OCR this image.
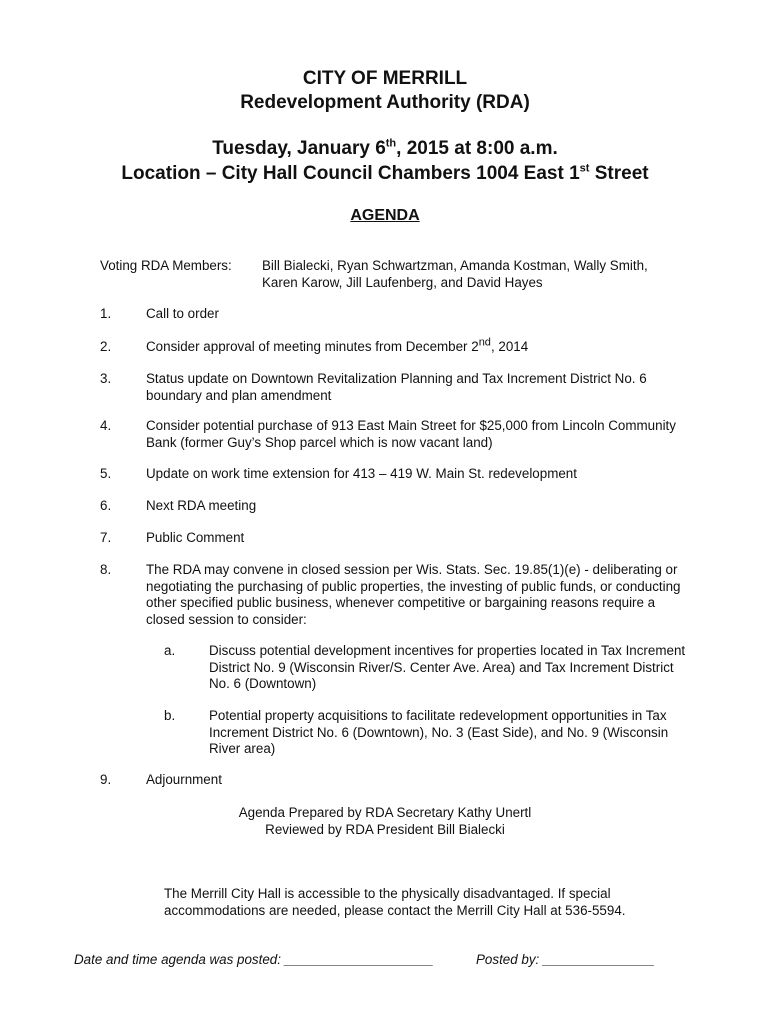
CITY OF MERRILL
Redevelopment Authority (RDA)
Tuesday, January 6th, 2015 at 8:00 a.m.
Location – City Hall Council Chambers 1004 East 1st Street
AGENDA
Voting RDA Members: Bill Bialecki, Ryan Schwartzman, Amanda Kostman, Wally Smith,
Karen Karow, Jill Laufenberg, and David Hayes
1.	Call to order
2.	Consider approval of meeting minutes from December 2nd, 2014
3.	Status update on Downtown Revitalization Planning and Tax Increment District No. 6
boundary and plan amendment
4.	Consider potential purchase of 913 East Main Street for $25,000 from Lincoln Community
Bank (former Guy’s Shop parcel which is now vacant land)
5.	Update on work time extension for 413 – 419 W. Main St. redevelopment
6.	Next RDA meeting
7.	Public Comment
8.	The RDA may convene in closed session per Wis. Stats. Sec. 19.85(1)(e) - deliberating or
negotiating the purchasing of public properties, the investing of public funds, or conducting
other specified public business, whenever competitive or bargaining reasons require a
closed session to consider:
a.	Discuss potential development incentives for properties located in Tax Increment
District No. 9 (Wisconsin River/S. Center Ave. Area) and Tax Increment District
No. 6 (Downtown)
b.	Potential property acquisitions to facilitate redevelopment opportunities in Tax
Increment District No. 6 (Downtown), No. 3 (East Side), and No. 9 (Wisconsin
River area)
9.	Adjournment
Agenda Prepared by RDA Secretary Kathy Unertl
Reviewed by RDA President Bill Bialecki
The Merrill City Hall is accessible to the physically disadvantaged. If special
accommodations are needed, please contact the Merrill City Hall at 536-5594.
Date and time agenda was posted: ____________________	Posted by: _______________
